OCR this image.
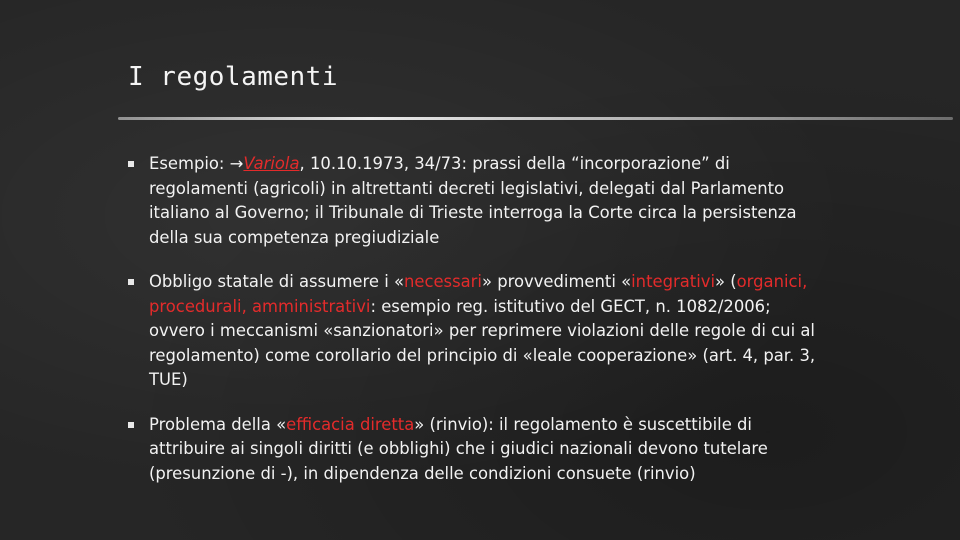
I regolamenti
Esempio: →Variola, 10.10.1973, 34/73: prassi della “incorporazione” di regolamenti (agricoli) in altrettanti decreti legislativi, delegati dal Parlamento italiano al Governo; il Tribunale di Trieste interroga la Corte circa la persistenza della sua competenza pregiudiziale
Obbligo statale di assumere i «necessari» provvedimenti «integrativi» (organici, procedurali, amministrativi: esempio reg. istitutivo del GECT, n. 1082/2006; ovvero i meccanismi «sanzionatori» per reprimere violazioni delle regole di cui al regolamento) come corollario del principio di «leale cooperazione» (art. 4, par. 3, TUE)
Problema della «efficacia diretta» (rinvio): il regolamento è suscettibile di attribuire ai singoli diritti (e obblighi) che i giudici nazionali devono tutelare (presunzione di -), in dipendenza delle condizioni consuete (rinvio)
